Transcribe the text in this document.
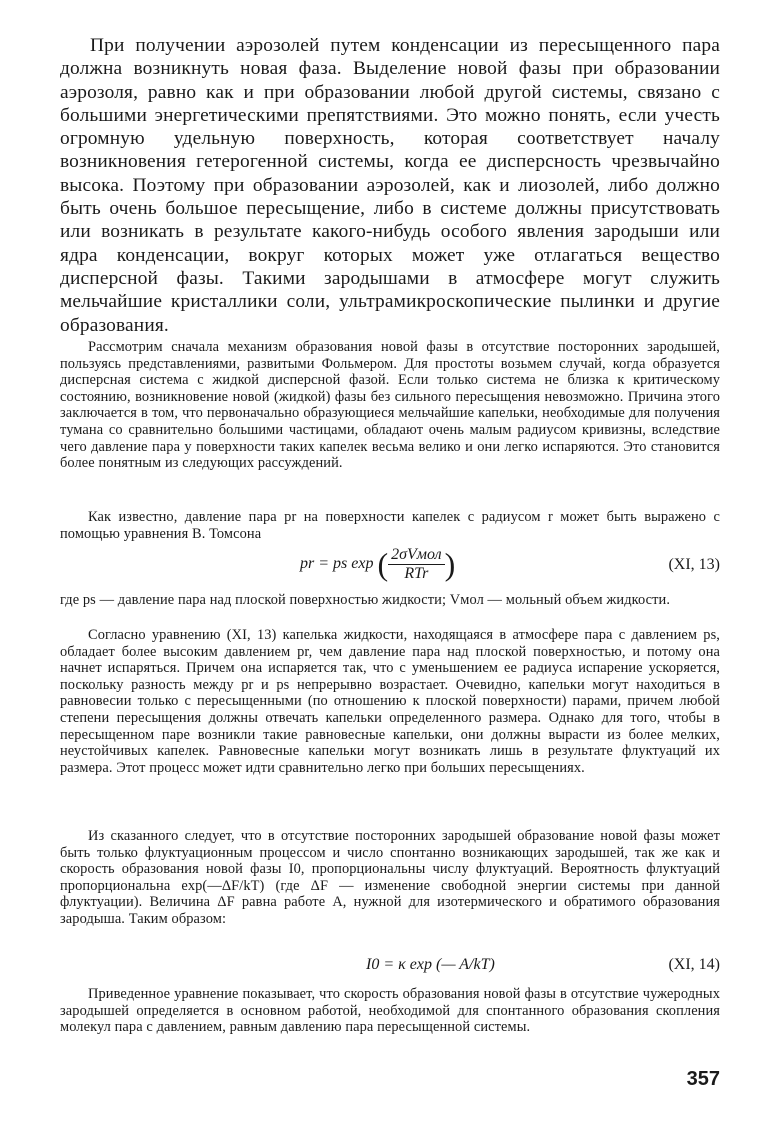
При получении аэрозолей путем конденсации из пересыщенного пара должна возникнуть новая фаза. Выделение новой фазы при образовании аэрозоля, равно как и при образовании любой другой системы, связано с большими энергетическими препятствиями. Это можно понять, если учесть огромную удельную поверхность, которая соответствует началу возникновения гетерогенной системы, когда ее дисперсность чрезвычайно высока. Поэтому при образовании аэрозолей, как и лиозолей, либо должно быть очень большое пересыщение, либо в системе должны присутствовать или возникать в результате какого-нибудь особого явления зародыши или ядра конденсации, вокруг которых может уже отлагаться вещество дисперсной фазы. Такими зародышами в атмосфере могут служить мельчайшие кристаллики соли, ультрамикроскопические пылинки и другие образования.

Рассмотрим сначала механизм образования новой фазы в отсутствие посторонних зародышей, пользуясь представлениями, развитыми Фольмером. Для простоты возьмем случай, когда образуется дисперсная система с жидкой дисперсной фазой. Если только система не близка к критическому состоянию, возникновение новой (жидкой) фазы без сильного пересыщения невозможно. Причина этого заключается в том, что первоначально образующиеся мельчайшие капельки, необходимые для получения тумана со сравнительно большими частицами, обладают очень малым радиусом кривизны, вследствие чего давление пара у поверхности таких капелек весьма велико и они легко испаряются. Это становится более понятным из следующих рассуждений.

Как известно, давление пара pr на поверхности капелек с радиусом r может быть выражено с помощью уравнения В. Томсона

pr = ps exp ( $\frac{\text{2σVмол}}{\text{RTr}}$ )	(XI, 13)

где ps — давление пара над плоской поверхностью жидкости; Vмол — мольный объем жидкости.

Согласно уравнению (XI, 13) капелька жидкости, находящаяся в атмосфере пара с давлением ps, обладает более высоким давлением pr, чем давление пара над плоской поверхностью, и потому она начнет испаряться. Причем она испаряется так, что с уменьшением ее радиуса испарение ускоряется, поскольку разность между pr и ps непрерывно возрастает. Очевидно, капельки могут находиться в равновесии только с пересыщенными (по отношению к плоской поверхности) парами, причем любой степени пересыщения должны отвечать капельки определенного размера. Однако для того, чтобы в пересыщенном паре возникли такие равновесные капельки, они должны вырасти из более мелких, неустойчивых капелек. Равновесные капельки могут возникать лишь в результате флуктуаций их размера. Этот процесс может идти сравнительно легко при больших пересыщениях.

Из сказанного следует, что в отсутствие посторонних зародышей образование новой фазы может быть только флуктуационным процессом и число спонтанно возникающих зародышей, так же как и скорость образования новой фазы I0, пропорциональны числу флуктуаций. Вероятность флуктуаций пропорциональна exp(—ΔF/kT) (где ΔF — изменение свободной энергии системы при данной флуктуации). Величина ΔF равна работе A, нужной для изотермического и обратимого образования зародыша. Таким образом:

I0 = κ exp (— A/kT)	(XI, 14)

Приведенное уравнение показывает, что скорость образования новой фазы в отсутствие чужеродных зародышей определяется в основном работой, необходимой для спонтанного образования скопления молекул пара с давлением, равным давлению пара пересыщенной системы.

357
